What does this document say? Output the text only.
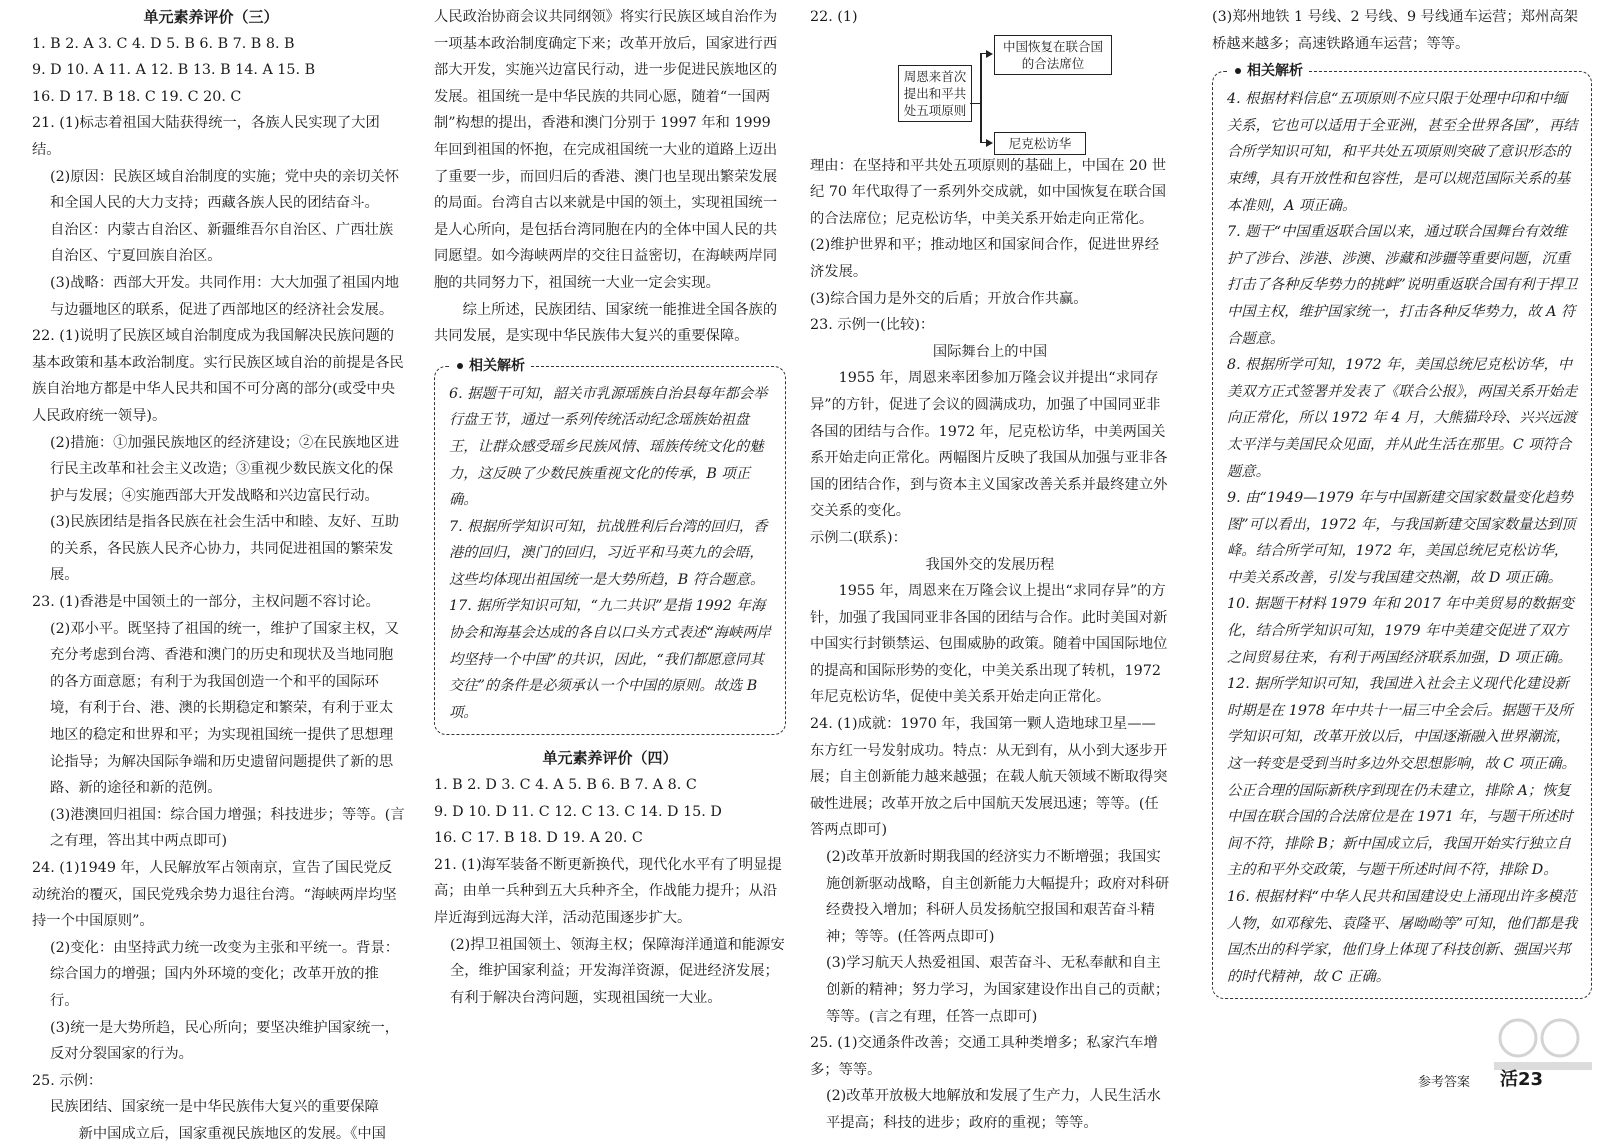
单元素养评价（三）

1. B 2. A 3. C 4. D 5. B 6. B 7. B 8. B

9. D 10. A 11. A 12. B 13. B 14. A 15. B

16. D 17. B 18. C 19. C 20. C

21. (1)标志着祖国大陆获得统一，各族人民实现了大团结。

(2)原因：民族区域自治制度的实施；党中央的亲切关怀和全国人民的大力支持；西藏各族人民的团结奋斗。

自治区：内蒙古自治区、新疆维吾尔自治区、广西壮族自治区、宁夏回族自治区。

(3)战略：西部大开发。共同作用：大大加强了祖国内地与边疆地区的联系，促进了西部地区的经济社会发展。

22. (1)说明了民族区域自治制度成为我国解决民族问题的基本政策和基本政治制度。实行民族区域自治的前提是各民族自治地方都是中华人民共和国不可分离的部分(或受中央人民政府统一领导)。

(2)措施：①加强民族地区的经济建设；②在民族地区进行民主改革和社会主义改造；③重视少数民族文化的保护与发展；④实施西部大开发战略和兴边富民行动。

(3)民族团结是指各民族在社会生活中和睦、友好、互助的关系，各民族人民齐心协力，共同促进祖国的繁荣发展。

23. (1)香港是中国领土的一部分，主权问题不容讨论。

(2)邓小平。既坚持了祖国的统一，维护了国家主权，又充分考虑到台湾、香港和澳门的历史和现状及当地同胞的各方面意愿；有利于为我国创造一个和平的国际环境，有利于台、港、澳的长期稳定和繁荣，有利于亚太地区的稳定和世界和平；为实现祖国统一提供了思想理论指导；为解决国际争端和历史遗留问题提供了新的思路、新的途径和新的范例。

(3)港澳回归祖国：综合国力增强；科技进步；等等。(言之有理，答出其中两点即可)

24. (1)1949 年，人民解放军占领南京，宣告了国民党反动统治的覆灭，国民党残余势力退往台湾。“海峡两岸均坚持一个中国原则”。

(2)变化：由坚持武力统一改变为主张和平统一。背景：综合国力的增强；国内外环境的变化；改革开放的推行。

(3)统一是大势所趋，民心所向；要坚决维护国家统一，反对分裂国家的行为。

25. 示例：

民族团结、国家统一是中华民族伟大复兴的重要保障

新中国成立后，国家重视民族地区的发展。《中国

人民政治协商会议共同纲领》将实行民族区域自治作为一项基本政治制度确定下来；改革开放后，国家进行西部大开发，实施兴边富民行动，进一步促进民族地区的发展。祖国统一是中华民族的共同心愿，随着“一国两制”构想的提出，香港和澳门分别于 1997 年和 1999 年回到祖国的怀抱，在完成祖国统一大业的道路上迈出了重要一步，而回归后的香港、澳门也呈现出繁荣发展的局面。台湾自古以来就是中国的领土，实现祖国统一是人心所向，是包括台湾同胞在内的全体中国人民的共同愿望。如今海峡两岸的交往日益密切，在海峡两岸同胞的共同努力下，祖国统一大业一定会实现。

综上所述，民族团结、国家统一能推进全国各族的共同发展，是实现中华民族伟大复兴的重要保障。

相关解析

6. 据题干可知，韶关市乳源瑶族自治县每年都会举行盘王节，通过一系列传统活动纪念瑶族始祖盘王，让群众感受瑶乡民族风情、瑶族传统文化的魅力，这反映了少数民族重视文化的传承，B 项正确。

7. 根据所学知识可知，抗战胜利后台湾的回归，香港的回归，澳门的回归，习近平和马英九的会晤，这些均体现出祖国统一是大势所趋，B 符合题意。

17. 据所学知识可知，“九二共识”是指 1992 年海协会和海基会达成的各自以口头方式表述“海峡两岸均坚持一个中国”的共识，因此，“我们都愿意同其交往”的条件是必须承认一个中国的原则。故选 B 项。

单元素养评价（四）

1. B 2. D 3. C 4. A 5. B 6. B 7. A 8. C

9. D 10. D 11. C 12. C 13. C 14. D 15. D

16. C 17. B 18. D 19. A 20. C

21. (1)海军装备不断更新换代，现代化水平有了明显提高；由单一兵种到五大兵种齐全，作战能力提升；从沿岸近海到远海大洋，活动范围逐步扩大。

(2)捍卫祖国领土、领海主权；保障海洋通道和能源安全，维护国家利益；开发海洋资源，促进经济发展；有利于解决台湾问题，实现祖国统一大业。

22. (1)

周恩来首次提出和平共处五项原则
中国恢复在联合国的合法席位
尼克松访华

理由：在坚持和平共处五项原则的基础上，中国在 20 世纪 70 年代取得了一系列外交成就，如中国恢复在联合国的合法席位；尼克松访华，中美关系开始走向正常化。

(2)维护世界和平；推动地区和国家间合作，促进世界经济发展。

(3)综合国力是外交的后盾；开放合作共赢。

23. 示例一(比较)：

国际舞台上的中国

1955 年，周恩来率团参加万隆会议并提出“求同存异”的方针，促进了会议的圆满成功，加强了中国同亚非各国的团结与合作。1972 年，尼克松访华，中美两国关系开始走向正常化。两幅图片反映了我国从加强与亚非各国的团结合作，到与资本主义国家改善关系并最终建立外交关系的变化。

示例二(联系)：

我国外交的发展历程

1955 年，周恩来在万隆会议上提出“求同存异”的方针，加强了我国同亚非各国的团结与合作。此时美国对新中国实行封锁禁运、包围威胁的政策。随着中国国际地位的提高和国际形势的变化，中美关系出现了转机，1972 年尼克松访华，促使中美关系开始走向正常化。

24. (1)成就：1970 年，我国第一颗人造地球卫星——东方红一号发射成功。特点：从无到有，从小到大逐步开展；自主创新能力越来越强；在载人航天领域不断取得突破性进展；改革开放之后中国航天发展迅速；等等。(任答两点即可)

(2)改革开放新时期我国的经济实力不断增强；我国实施创新驱动战略，自主创新能力大幅提升；政府对科研经费投入增加；科研人员发扬航空报国和艰苦奋斗精神；等等。(任答两点即可)

(3)学习航天人热爱祖国、艰苦奋斗、无私奉献和自主创新的精神；努力学习，为国家建设作出自己的贡献；等等。(言之有理，任答一点即可)

25. (1)交通条件改善；交通工具种类增多；私家汽车增多；等等。

(2)改革开放极大地解放和发展了生产力，人民生活水平提高；科技的进步；政府的重视；等等。

(3)郑州地铁 1 号线、2 号线、9 号线通车运营；郑州高架桥越来越多；高速铁路通车运营；等等。

相关解析

4. 根据材料信息“五项原则不应只限于处理中印和中缅关系，它也可以适用于全亚洲，甚至全世界各国”，再结合所学知识可知，和平共处五项原则突破了意识形态的束缚，具有开放性和包容性，是可以规范国际关系的基本准则，A 项正确。

7. 题干“中国重返联合国以来，通过联合国舞台有效维护了涉台、涉港、涉澳、涉藏和涉疆等重要问题，沉重打击了各种反华势力的挑衅”说明重返联合国有利于捍卫中国主权，维护国家统一，打击各种反华势力，故 A 符合题意。

8. 根据所学可知，1972 年，美国总统尼克松访华，中美双方正式签署并发表了《联合公报》，两国关系开始走向正常化，所以 1972 年 4 月，大熊猫玲玲、兴兴远渡太平洋与美国民众见面，并从此生活在那里。C 项符合题意。

9. 由“1949—1979 年与中国新建交国家数量变化趋势图”可以看出，1972 年，与我国新建交国家数量达到顶峰。结合所学可知，1972 年，美国总统尼克松访华，中美关系改善，引发与我国建交热潮，故 D 项正确。

10. 据题干材料 1979 年和 2017 年中美贸易的数据变化，结合所学知识可知，1979 年中美建交促进了双方之间贸易往来，有利于两国经济联系加强，D 项正确。

12. 据所学知识可知，我国进入社会主义现代化建设新时期是在 1978 年中共十一届三中全会后。据题干及所学知识可知，改革开放以后，中国逐渐融入世界潮流，这一转变是受到当时多边外交思想影响，故 C 项正确。公正合理的国际新秩序到现在仍未建立，排除 A；恢复中国在联合国的合法席位是在 1971 年，与题干所述时间不符，排除 B；新中国成立后，我国开始实行独立自主的和平外交政策，与题干所述时间不符，排除 D。

16. 根据材料“中华人民共和国建设史上涌现出许多模范人物，如邓稼先、袁隆平、屠呦呦等”可知，他们都是我国杰出的科学家，他们身上体现了科技创新、强国兴邦的时代精神，故 C 正确。

参考答案 活23
